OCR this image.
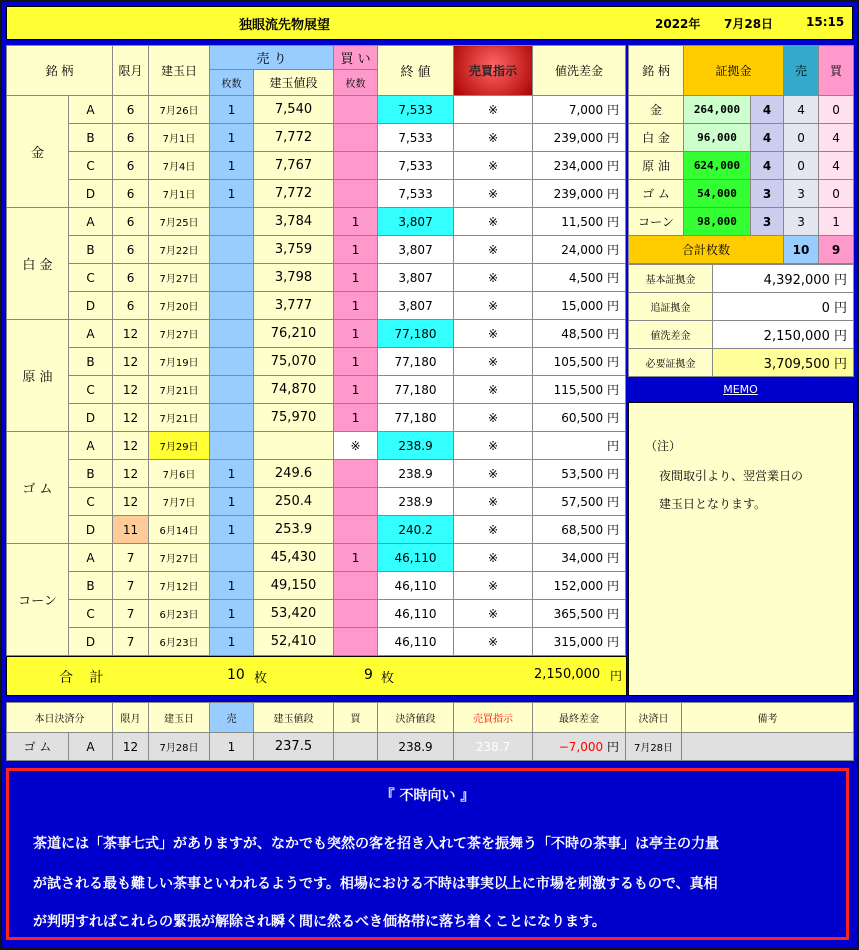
独眼流先物展望	2022年 7月28日	15:15
銘 柄		限月	建玉日	売 り		買 い	終 値	売買指示	値洗差金
				枚数	建玉値段	枚数			
金	A	6	7月26日	1	7,540		7,533	※	7,000 円
	B	6	7月1日	1	7,772		7,533	※	239,000 円
	C	6	7月4日	1	7,767		7,533	※	234,000 円
	D	6	7月1日	1	7,772		7,533	※	239,000 円
白 金	A	6	7月25日		3,784	1	3,807	※	11,500 円
	B	6	7月22日		3,759	1	3,807	※	24,000 円
	C	6	7月27日		3,798	1	3,807	※	4,500 円
	D	6	7月20日		3,777	1	3,807	※	15,000 円
原 油	A	12	7月27日		76,210	1	77,180	※	48,500 円
	B	12	7月19日		75,070	1	77,180	※	105,500 円
	C	12	7月21日		74,870	1	77,180	※	115,500 円
	D	12	7月21日		75,970	1	77,180	※	60,500 円
ゴ ム	A	12	7月29日			※	238.9	※	円
	B	12	7月6日	1	249.6		238.9	※	53,500 円
	C	12	7月7日	1	250.4		238.9	※	57,500 円
	D	11	6月14日	1	253.9		240.2	※	68,500 円
コーン	A	7	7月27日		45,430	1	46,110	※	34,000 円
	B	7	7月12日	1	49,150		46,110	※	152,000 円
	C	7	6月23日	1	53,420		46,110	※	365,500 円
	D	7	6月23日	1	52,410		46,110	※	315,000 円
合 計	10 枚	9 枚	2,150,000 円
銘 柄	証拠金		売	買
金	264,000	4	4	0
白 金	96,000	4	0	4
原 油	624,000	4	0	4
ゴ ム	54,000	3	3	0
コーン	98,000	3	3	1
合計枚数			10	9
基本証拠金	4,392,000 円
追証拠金	0 円
値洗差金	2,150,000 円
必要証拠金	3,709,500 円
MEMO
（注）
夜間取引より、翌営業日の
建玉日となります。
本日決済分		限月	建玉日	売	建玉値段	買	決済値段	売買指示	最終差金	決済日	備考
ゴ ム	A	12	7月28日	1	237.5		238.9	238.7	−7,000 円	7月28日	
『 不時向い 』
茶道には「茶事七式」がありますが、なかでも突然の客を招き入れて茶を振舞う「不時の茶事」は亭主の力量
が試される最も難しい茶事といわれるようです。相場における不時は事実以上に市場を刺激するもので、真相
が判明すればこれらの緊張が解除され瞬く間に然るべき価格帯に落ち着くことになります。
